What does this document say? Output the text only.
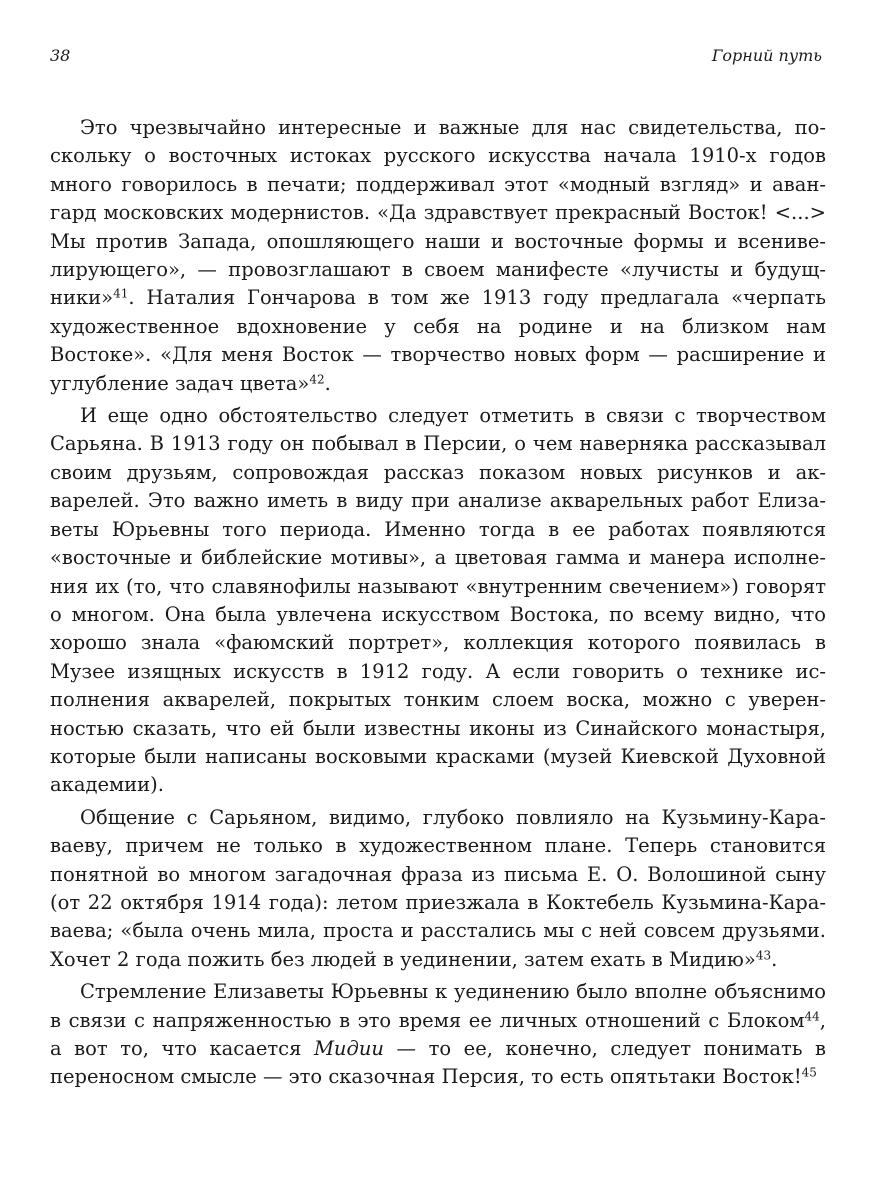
38	Горний путь

Это чрезвычайно интересные и важные для нас свидетельства, поскольку о восточных истоках русского искусства начала 1910-х годов много говорилось в печати; поддерживал этот «модный взгляд» и авангард московских модернистов. «Да здравствует прекрасный Восток! <...> Мы против Запада, опошляющего наши и восточные формы и всенивелирующего», — провозглашают в своем манифесте «лучисты и будущники»$^{41}$. Наталия Гончарова в том же 1913 году предлагала «черпать художественное вдохновение у себя на родине и на близком нам Востоке». «Для меня Восток — творчество новых форм — расширение и углубление задач цвета»$^{42}$.

И еще одно обстоятельство следует отметить в связи с творчеством Сарьяна. В 1913 году он побывал в Персии, о чем наверняка рассказывал своим друзьям, сопровождая рассказ показом новых рисунков и акварелей. Это важно иметь в виду при анализе акварельных работ Елизаветы Юрьевны того периода. Именно тогда в ее работах появляются «восточные и библейские мотивы», а цветовая гамма и манера исполнения их (то, что славянофилы называют «внутренним свечением») говорят о многом. Она была увлечена искусством Востока, по всему видно, что хорошо знала «фаюмский портрет», коллекция которого появилась в Музее изящных искусств в 1912 году. А если говорить о технике исполнения акварелей, покрытых тонким слоем воска, можно с уверенностью сказать, что ей были известны иконы из Синайского монастыря, которые были написаны восковыми красками (музей Киевской Духовной академии).

Общение с Сарьяном, видимо, глубоко повлияло на Кузьмину-Караваеву, причем не только в художественном плане. Теперь становится понятной во многом загадочная фраза из письма Е. О. Волошиной сыну (от 22 октября 1914 года): летом приезжала в Коктебель Кузьмина-Караваева; «была очень мила, проста и расстались мы с ней совсем друзьями. Хочет 2 года пожить без людей в уединении, затем ехать в Мидию»$^{43}$.

Стремление Елизаветы Юрьевны к уединению было вполне объяснимо в связи с напряженностью в это время ее личных отношений с Блоком$^{44}$, а вот то, что касается Мидии — то ее, конечно, следует понимать в переносном смысле — это сказочная Персия, то есть опятьтаки Восток!$^{45}$
